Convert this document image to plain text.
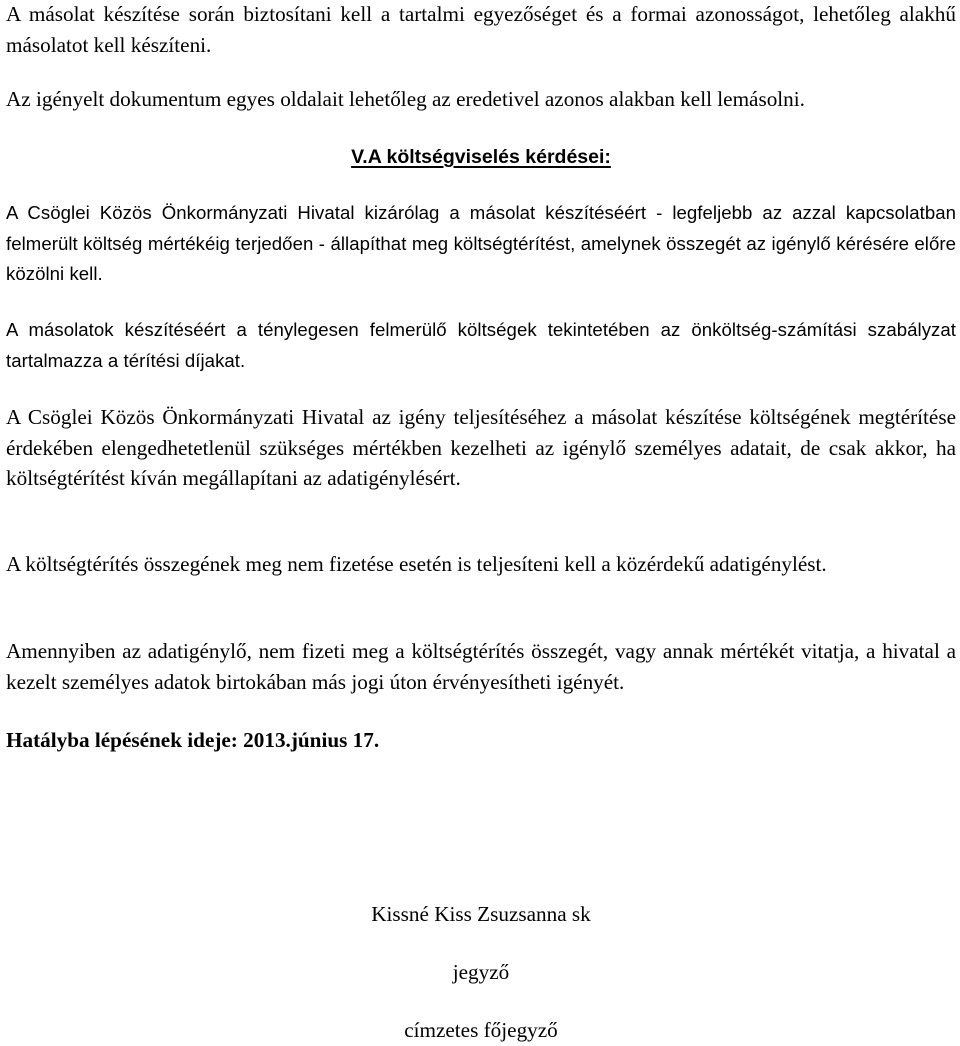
A másolat készítése során biztosítani kell a tartalmi egyezőséget és a formai azonosságot, lehetőleg alakhű másolatot kell készíteni.

Az igényelt dokumentum egyes oldalait lehetőleg az eredetivel azonos alakban kell lemásolni.

V.A költségviselés kérdései:

A Csöglei Közös Önkormányzati Hivatal kizárólag a másolat készítéséért - legfeljebb az azzal kapcsolatban felmerült költség mértékéig terjedően - állapíthat meg költségtérítést, amelynek összegét az igénylő kérésére előre közölni kell.

A másolatok készítéséért a ténylegesen felmerülő költségek tekintetében az önköltség-számítási szabályzat tartalmazza a térítési díjakat.

A Csöglei Közös Önkormányzati Hivatal az igény teljesítéséhez a másolat készítése költségének megtérítése érdekében elengedhetetlenül szükséges mértékben kezelheti az igénylő személyes adatait, de csak akkor, ha költségtérítést kíván megállapítani az adatigénylésért.

A költségtérítés összegének meg nem fizetése esetén is teljesíteni kell a közérdekű adatigénylést.

Amennyiben az adatigénylő, nem fizeti meg a költségtérítés összegét, vagy annak mértékét vitatja, a hivatal a kezelt személyes adatok birtokában más jogi úton érvényesítheti igényét.

Hatályba lépésének ideje: 2013.június 17.

Kissné Kiss Zsuzsanna sk

jegyző

címzetes főjegyző
